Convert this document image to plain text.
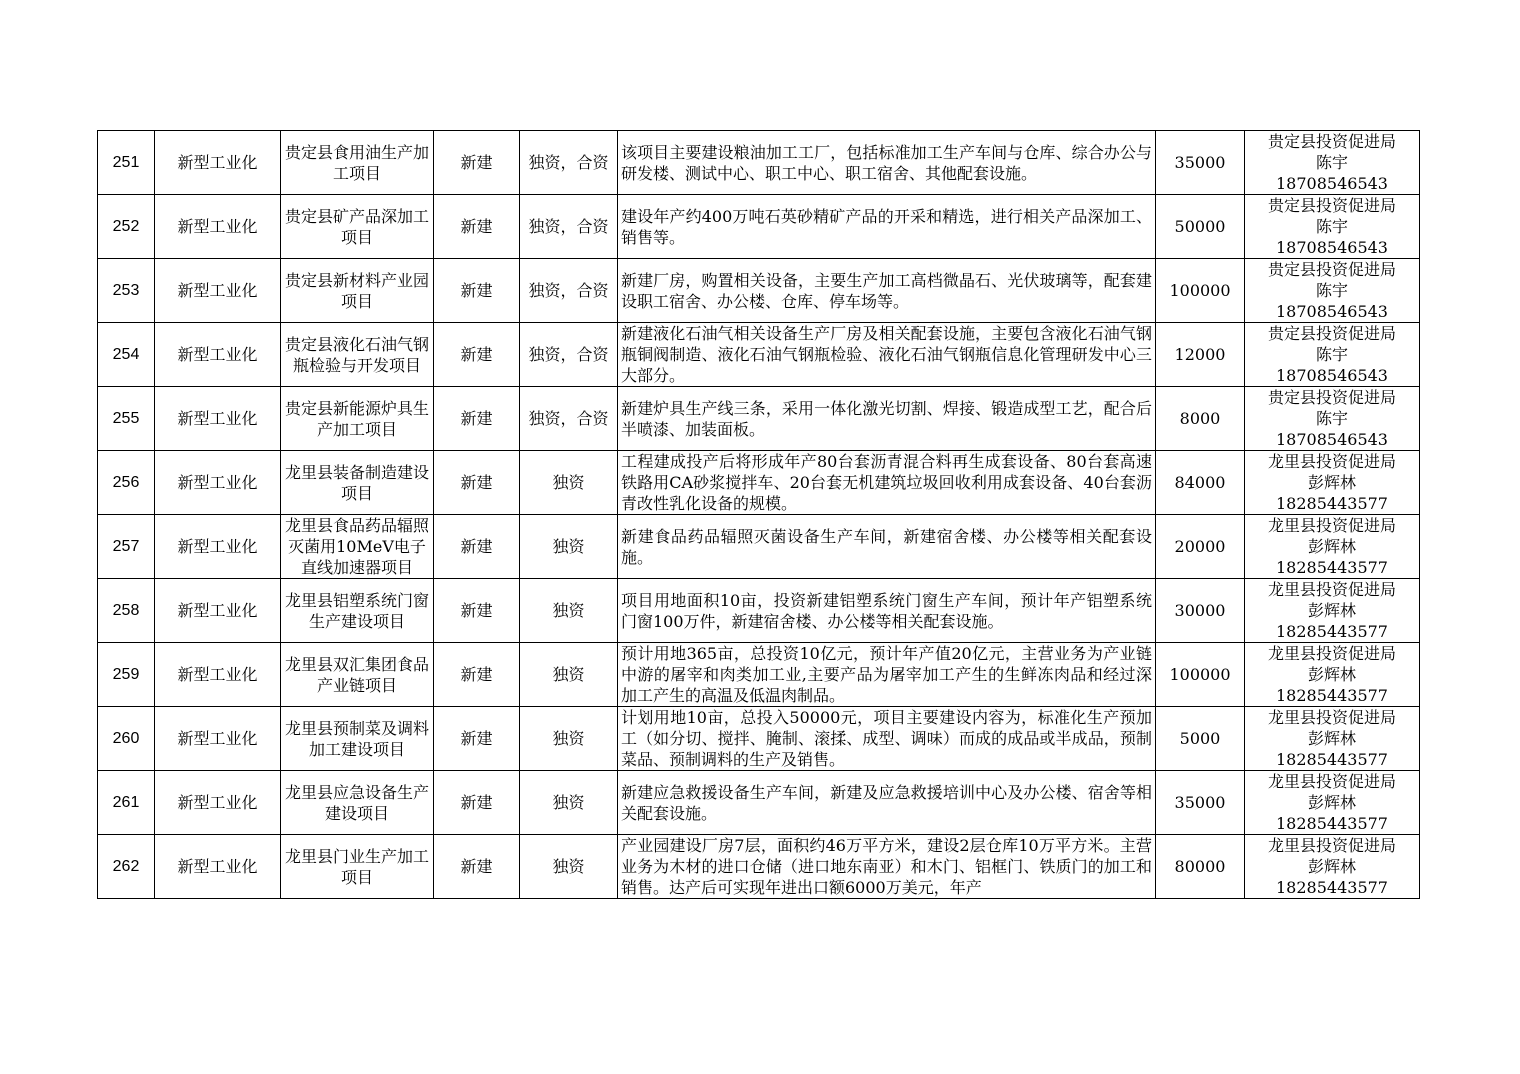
251	新型工业化	贵定县食用油生产加工项目	新建	独资，合资	该项目主要建设粮油加工工厂，包括标准加工生产车间与仓库、综合办公与研发楼、测试中心、职工中心、职工宿舍、其他配套设施。	35000	贵定县投资促进局
陈宇
18708546543

252	新型工业化	贵定县矿产品深加工项目	新建	独资，合资	建设年产约400万吨石英砂精矿产品的开采和精选，进行相关产品深加工、销售等。	50000	贵定县投资促进局
陈宇
18708546543

253	新型工业化	贵定县新材料产业园项目	新建	独资，合资	新建厂房，购置相关设备，主要生产加工高档微晶石、光伏玻璃等，配套建设职工宿舍、办公楼、仓库、停车场等。	100000	贵定县投资促进局
陈宇
18708546543

254	新型工业化	贵定县液化石油气钢瓶检验与开发项目	新建	独资，合资	新建液化石油气相关设备生产厂房及相关配套设施，主要包含液化石油气钢瓶铜阀制造、液化石油气钢瓶检验、液化石油气钢瓶信息化管理研发中心三大部分。	12000	贵定县投资促进局
陈宇
18708546543

255	新型工业化	贵定县新能源炉具生产加工项目	新建	独资，合资	新建炉具生产线三条，采用一体化激光切割、焊接、锻造成型工艺，配合后半喷漆、加装面板。	8000	贵定县投资促进局
陈宇
18708546543

256	新型工业化	龙里县装备制造建设项目	新建	独资	工程建成投产后将形成年产80台套沥青混合料再生成套设备、80台套高速铁路用CA砂浆搅拌车、20台套无机建筑垃圾回收利用成套设备、40台套沥青改性乳化设备的规模。	84000	龙里县投资促进局
彭辉林
18285443577

257	新型工业化	龙里县食品药品辐照灭菌用10MeV电子直线加速器项目	新建	独资	新建食品药品辐照灭菌设备生产车间，新建宿舍楼、办公楼等相关配套设施。	20000	龙里县投资促进局
彭辉林
18285443577

258	新型工业化	龙里县铝塑系统门窗生产建设项目	新建	独资	项目用地面积10亩，投资新建铝塑系统门窗生产车间，预计年产铝塑系统门窗100万件，新建宿舍楼、办公楼等相关配套设施。	30000	龙里县投资促进局
彭辉林
18285443577

259	新型工业化	龙里县双汇集团食品产业链项目	新建	独资	预计用地365亩，总投资10亿元，预计年产值20亿元，主营业务为产业链中游的屠宰和肉类加工业,主要产品为屠宰加工产生的生鲜冻肉品和经过深加工产生的高温及低温肉制品。	100000	龙里县投资促进局
彭辉林
18285443577

260	新型工业化	龙里县预制菜及调料加工建设项目	新建	独资	计划用地10亩，总投入50000元，项目主要建设内容为，标准化生产预加工（如分切、搅拌、腌制、滚揉、成型、调味）而成的成品或半成品，预制菜品、预制调料的生产及销售。	5000	龙里县投资促进局
彭辉林
18285443577

261	新型工业化	龙里县应急设备生产建设项目	新建	独资	新建应急救援设备生产车间，新建及应急救援培训中心及办公楼、宿舍等相关配套设施。	35000	龙里县投资促进局
彭辉林
18285443577

262	新型工业化	龙里县门业生产加工项目	新建	独资	产业园建设厂房7层，面积约46万平方米，建设2层仓库10万平方米。主营业务为木材的进口仓储（进口地东南亚）和木门、铝框门、铁质门的加工和销售。达产后可实现年进出口额6000万美元，年产	80000	龙里县投资促进局
彭辉林
18285443577
